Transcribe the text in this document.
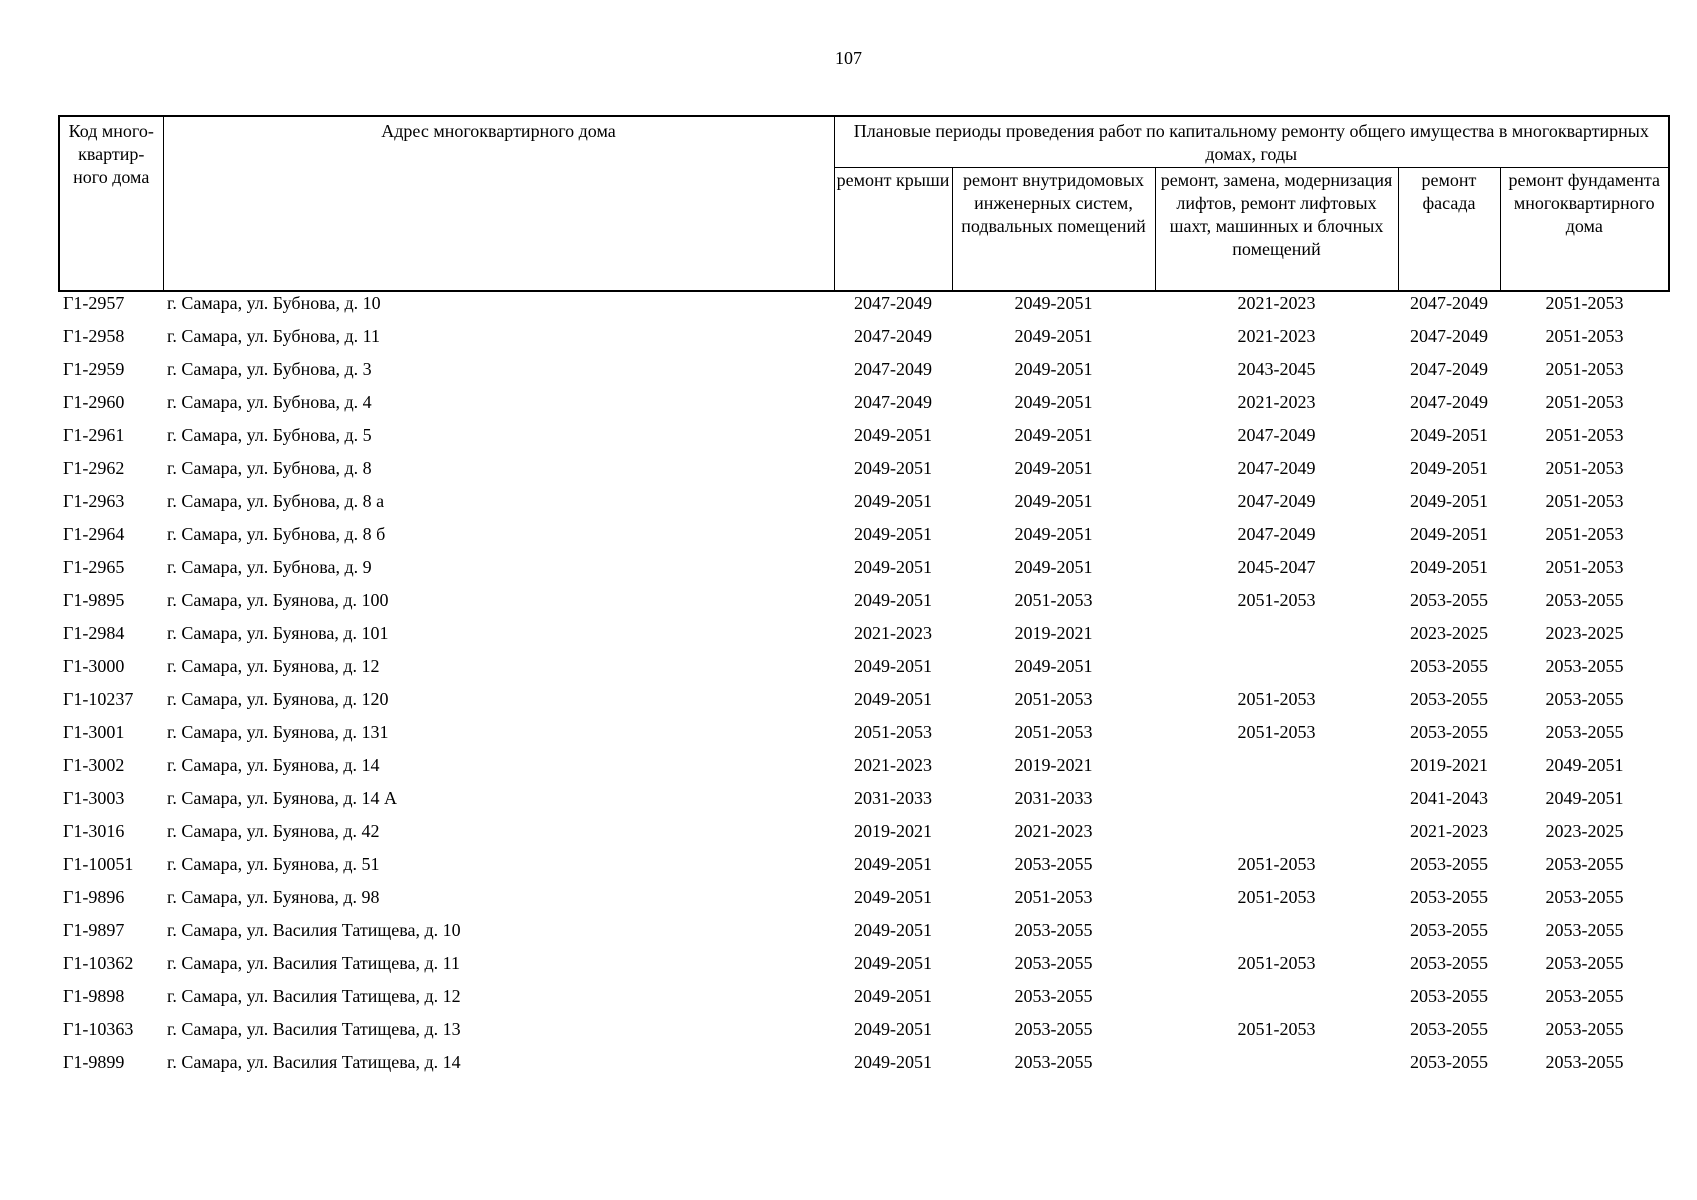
107
Код много-квартир-ного дома	Адрес многоквартирного дома	Плановые периоды проведения работ по капитальному ремонту общего имущества в многоквартирных домах, годы				
		ремонт крыши	ремонт внутридомовых инженерных систем, подвальных помещений	ремонт, замена, модернизация лифтов, ремонт лифтовых шахт, машинных и блочных помещений	ремонт фасада	ремонт фундамента многоквартирного дома
Г1-2957	г. Самара, ул. Бубнова, д. 10	2047-2049	2049-2051	2021-2023	2047-2049	2051-2053
Г1-2958	г. Самара, ул. Бубнова, д. 11	2047-2049	2049-2051	2021-2023	2047-2049	2051-2053
Г1-2959	г. Самара, ул. Бубнова, д. 3	2047-2049	2049-2051	2043-2045	2047-2049	2051-2053
Г1-2960	г. Самара, ул. Бубнова, д. 4	2047-2049	2049-2051	2021-2023	2047-2049	2051-2053
Г1-2961	г. Самара, ул. Бубнова, д. 5	2049-2051	2049-2051	2047-2049	2049-2051	2051-2053
Г1-2962	г. Самара, ул. Бубнова, д. 8	2049-2051	2049-2051	2047-2049	2049-2051	2051-2053
Г1-2963	г. Самара, ул. Бубнова, д. 8 а	2049-2051	2049-2051	2047-2049	2049-2051	2051-2053
Г1-2964	г. Самара, ул. Бубнова, д. 8 б	2049-2051	2049-2051	2047-2049	2049-2051	2051-2053
Г1-2965	г. Самара, ул. Бубнова, д. 9	2049-2051	2049-2051	2045-2047	2049-2051	2051-2053
Г1-9895	г. Самара, ул. Буянова, д. 100	2049-2051	2051-2053	2051-2053	2053-2055	2053-2055
Г1-2984	г. Самара, ул. Буянова, д. 101	2021-2023	2019-2021		2023-2025	2023-2025
Г1-3000	г. Самара, ул. Буянова, д. 12	2049-2051	2049-2051		2053-2055	2053-2055
Г1-10237	г. Самара, ул. Буянова, д. 120	2049-2051	2051-2053	2051-2053	2053-2055	2053-2055
Г1-3001	г. Самара, ул. Буянова, д. 131	2051-2053	2051-2053	2051-2053	2053-2055	2053-2055
Г1-3002	г. Самара, ул. Буянова, д. 14	2021-2023	2019-2021		2019-2021	2049-2051
Г1-3003	г. Самара, ул. Буянова, д. 14 А	2031-2033	2031-2033		2041-2043	2049-2051
Г1-3016	г. Самара, ул. Буянова, д. 42	2019-2021	2021-2023		2021-2023	2023-2025
Г1-10051	г. Самара, ул. Буянова, д. 51	2049-2051	2053-2055	2051-2053	2053-2055	2053-2055
Г1-9896	г. Самара, ул. Буянова, д. 98	2049-2051	2051-2053	2051-2053	2053-2055	2053-2055
Г1-9897	г. Самара, ул. Василия Татищева, д. 10	2049-2051	2053-2055		2053-2055	2053-2055
Г1-10362	г. Самара, ул. Василия Татищева, д. 11	2049-2051	2053-2055	2051-2053	2053-2055	2053-2055
Г1-9898	г. Самара, ул. Василия Татищева, д. 12	2049-2051	2053-2055		2053-2055	2053-2055
Г1-10363	г. Самара, ул. Василия Татищева, д. 13	2049-2051	2053-2055	2051-2053	2053-2055	2053-2055
Г1-9899	г. Самара, ул. Василия Татищева, д. 14	2049-2051	2053-2055		2053-2055	2053-2055
